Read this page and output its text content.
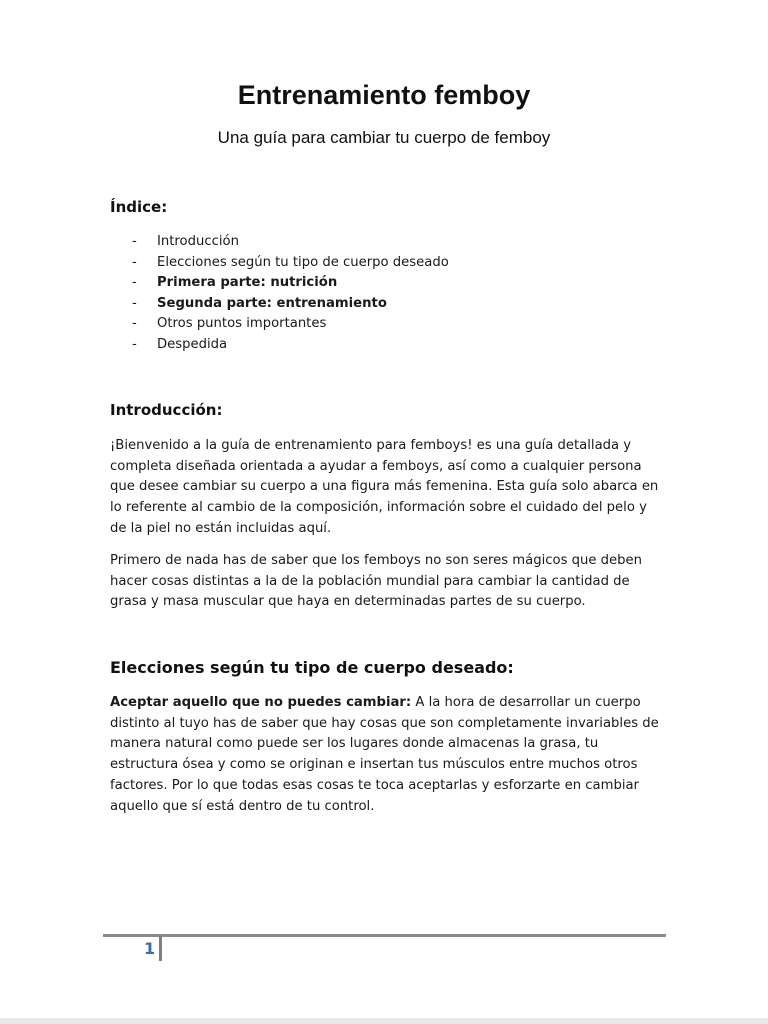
Entrenamiento femboy
Una guía para cambiar tu cuerpo de femboy
Índice:
- Introducción
- Elecciones según tu tipo de cuerpo deseado
- Primera parte: nutrición
- Segunda parte: entrenamiento
- Otros puntos importantes
- Despedida
Introducción:

¡Bienvenido a la guía de entrenamiento para femboys! es una guía detallada y completa diseñada orientada a ayudar a femboys, así como a cualquier persona que desee cambiar su cuerpo a una figura más femenina. Esta guía solo abarca en lo referente al cambio de la composición, información sobre el cuidado del pelo y de la piel no están incluidas aquí.

Primero de nada has de saber que los femboys no son seres mágicos que deben hacer cosas distintas a la de la población mundial para cambiar la cantidad de grasa y masa muscular que haya en determinadas partes de su cuerpo.

Elecciones según tu tipo de cuerpo deseado:

Aceptar aquello que no puedes cambiar: A la hora de desarrollar un cuerpo distinto al tuyo has de saber que hay cosas que son completamente invariables de manera natural como puede ser los lugares donde almacenas la grasa, tu estructura ósea y como se originan e insertan tus músculos entre muchos otros factores. Por lo que todas esas cosas te toca aceptarlas y esforzarte en cambiar aquello que sí está dentro de tu control.

1
